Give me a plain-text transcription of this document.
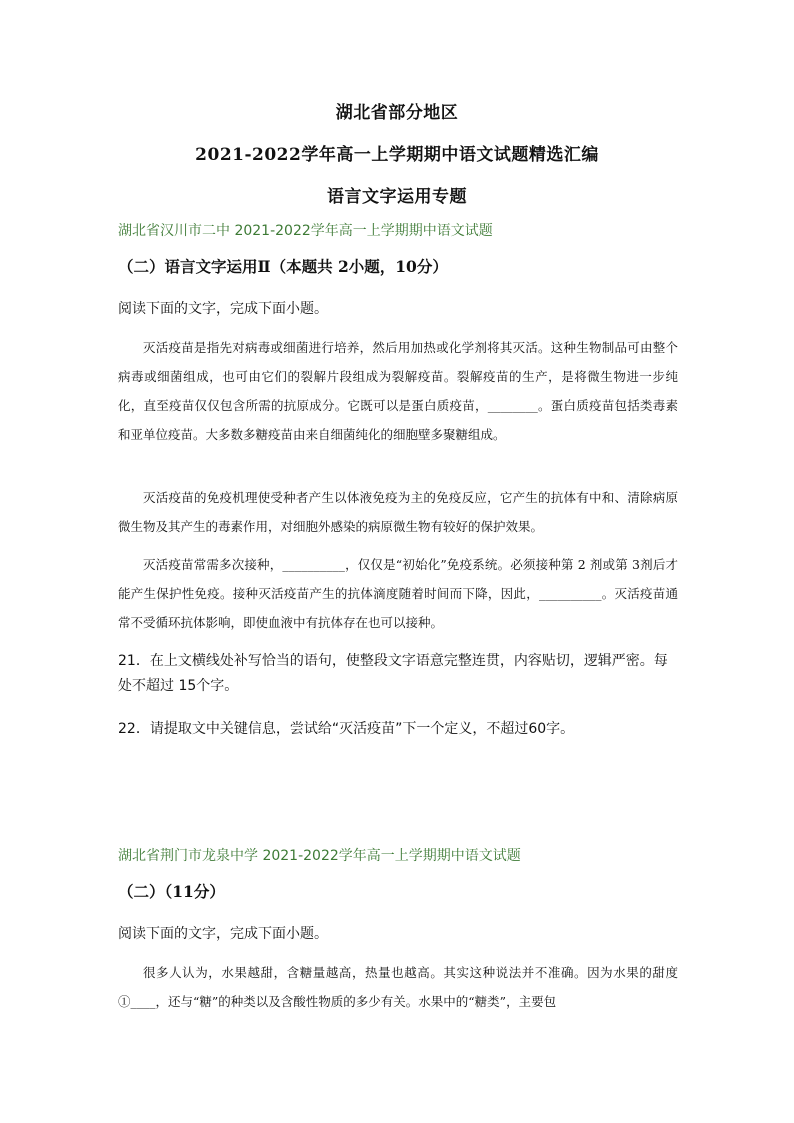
湖北省部分地区
2021-2022学年高一上学期期中语文试题精选汇编
语言文字运用专题
湖北省汉川市二中 2021-2022学年高一上学期期中语文试题
（二）语言文字运用Ⅱ（本题共 2小题，10分）
阅读下面的文字，完成下面小题。
灭活疫苗是指先对病毒或细菌进行培养，然后用加热或化学剂将其灭活。这种生物制品可由整个病毒或细菌组成，也可由它们的裂解片段组成为裂解疫苗。裂解疫苗的生产，是将微生物进一步纯化，直至疫苗仅仅包含所需的抗原成分。它既可以是蛋白质疫苗，________。蛋白质疫苗包括类毒素和亚单位疫苗。大多数多糖疫苗由来自细菌纯化的细胞壁多聚糖组成。
灭活疫苗的免疫机理使受种者产生以体液免疫为主的免疫反应，它产生的抗体有中和、清除病原微生物及其产生的毒素作用，对细胞外感染的病原微生物有较好的保护效果。
灭活疫苗常需多次接种，__________，仅仅是“初始化”免疫系统。必须接种第 2 剂或第 3剂后才能产生保护性免疫。接种灭活疫苗产生的抗体滴度随着时间而下降，因此，__________。灭活疫苗通常不受循环抗体影响，即使血液中有抗体存在也可以接种。
21．在上文横线处补写恰当的语句，使整段文字语意完整连贯，内容贴切，逻辑严密。每处不超过 15个字。
22．请提取文中关键信息，尝试给“灭活疫苗”下一个定义，不超过60字。
湖北省荆门市龙泉中学 2021-2022学年高一上学期期中语文试题
（二）（11分）
阅读下面的文字，完成下面小题。
很多人认为，水果越甜，含糖量越高，热量也越高。其实这种说法并不准确。因为水果的甜度①____，还与“糖”的种类以及含酸性物质的多少有关。水果中的“糖类”，主要包
